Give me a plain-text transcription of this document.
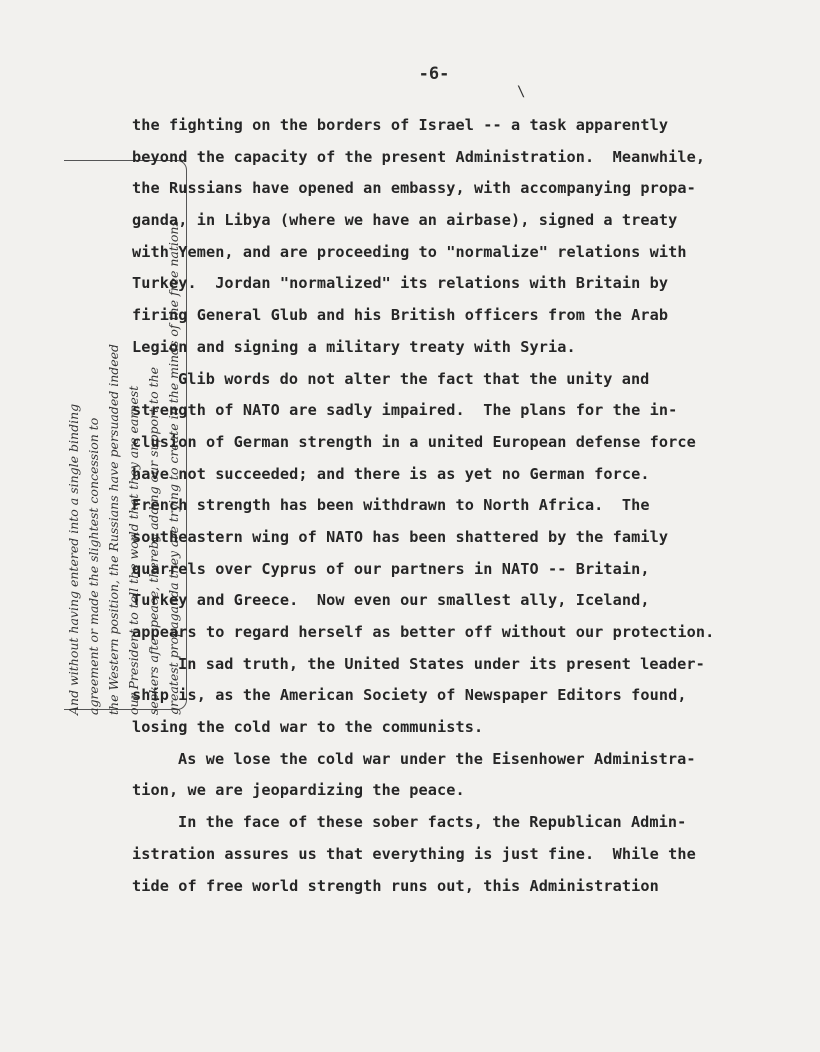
-6-
\
And without having entered into a single binding agreement or made the slightest concession to the Western position, the Russians have persuaded indeed our President to tell the world that they are earnest seekers after peace, thereby adding our support to the greatest propaganda they are trying to create in the minds of the free nations
the fighting on the borders of Israel -- a task apparently
beyond the capacity of the present Administration.  Meanwhile,
the Russians have opened an embassy, with accompanying propa-
ganda, in Libya (where we have an airbase), signed a treaty
with Yemen, and are proceeding to "normalize" relations with
Turkey.  Jordan "normalized" its relations with Britain by
firing General Glub and his British officers from the Arab
Legion and signing a military treaty with Syria.
Glib words do not alter the fact that the unity and
strength of NATO are sadly impaired.  The plans for the in-
clusion of German strength in a united European defense force
have not succeeded; and there is as yet no German force.
French strength has been withdrawn to North Africa.  The
southeastern wing of NATO has been shattered by the family
quarrels over Cyprus of our partners in NATO -- Britain,
Turkey and Greece.  Now even our smallest ally, Iceland,
appears to regard herself as better off without our protection.
In sad truth, the United States under its present leader-
ship is, as the American Society of Newspaper Editors found,
losing the cold war to the communists.
As we lose the cold war under the Eisenhower Administra-
tion, we are jeopardizing the peace.
In the face of these sober facts, the Republican Admin-
istration assures us that everything is just fine.  While the
tide of free world strength runs out, this Administration
